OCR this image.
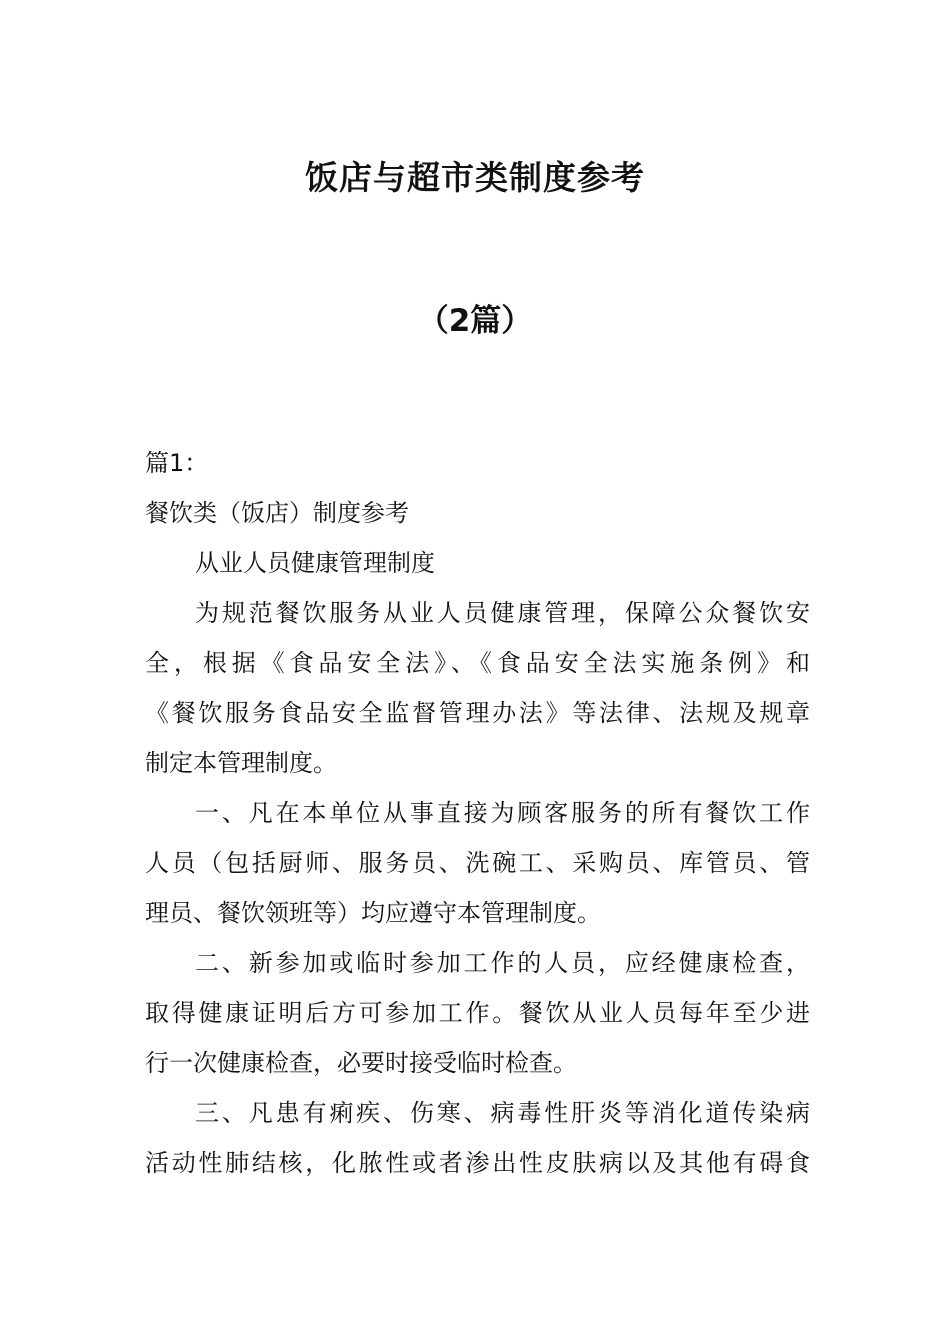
饭店与超市类制度参考
（2篇）
篇1：
餐饮类（饭店）制度参考
从业人员健康管理制度
为规范餐饮服务从业人员健康管理，保障公众餐饮安
全，根据《食品安全法》、《食品安全法实施条例》和
《餐饮服务食品安全监督管理办法》等法律、法规及规章
制定本管理制度。
一、凡在本单位从事直接为顾客服务的所有餐饮工作
人员（包括厨师、服务员、洗碗工、采购员、库管员、管
理员、餐饮领班等）均应遵守本管理制度。
二、新参加或临时参加工作的人员，应经健康检查，
取得健康证明后方可参加工作。餐饮从业人员每年至少进
行一次健康检查，必要时接受临时检查。
三、凡患有痢疾、伤寒、病毒性肝炎等消化道传染病
活动性肺结核，化脓性或者渗出性皮肤病以及其他有碍食
